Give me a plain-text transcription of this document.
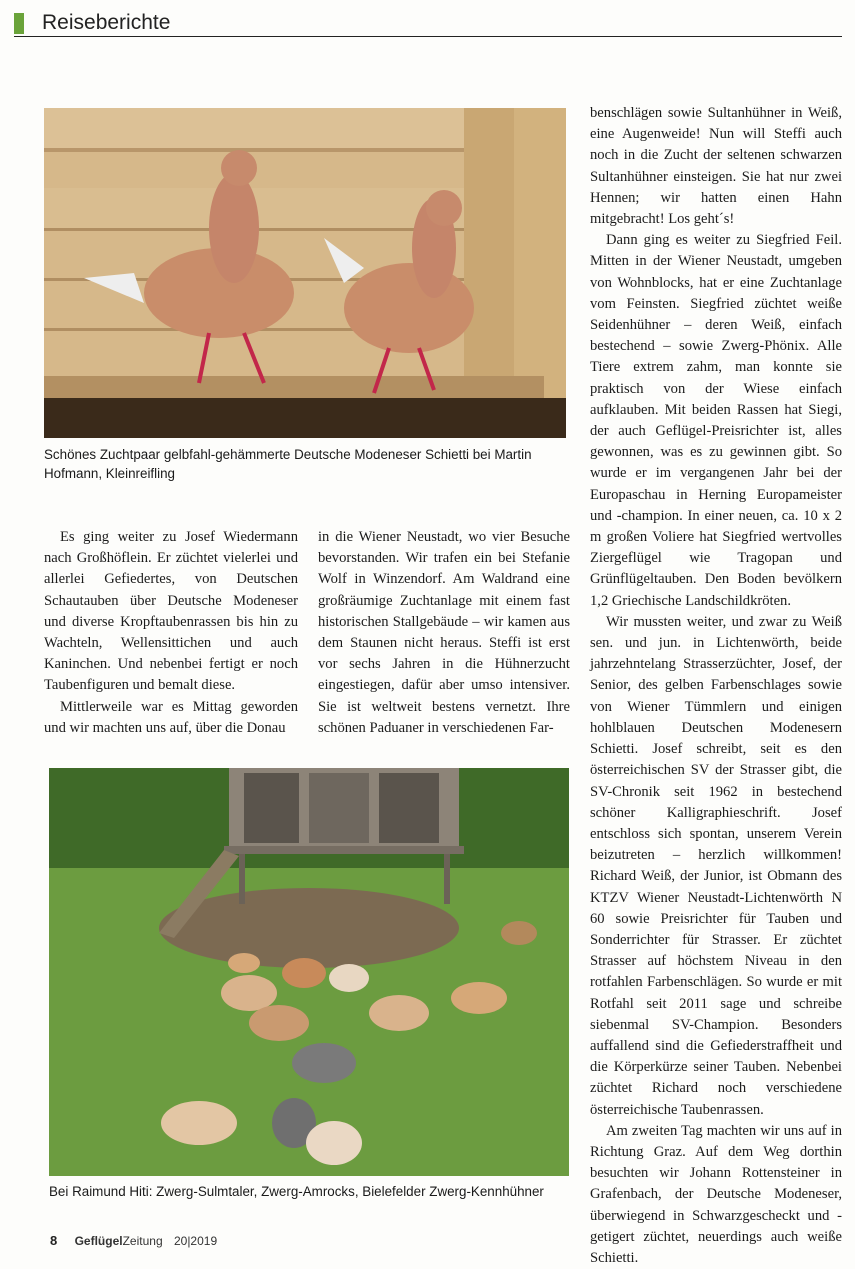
Reiseberichte
Schönes Zuchtpaar gelbfahl-gehämmerte Deutsche Modeneser Schietti bei Martin Hofmann, Kleinreifling

Es ging weiter zu Josef Wiedermann nach Großhöflein. Er züchtet vielerlei und allerlei Gefiedertes, von Deutschen Schautauben über Deutsche Modeneser und diverse Kropftaubenrassen bis hin zu Wachteln, Wellensittichen und auch Kaninchen. Und nebenbei fertigt er noch Taubenfiguren und bemalt diese.

Mittlerweile war es Mittag geworden und wir machten uns auf, über die Donau

in die Wiener Neustadt, wo vier Besuche bevorstanden. Wir trafen ein bei Stefanie Wolf in Winzendorf. Am Waldrand eine großräumige Zuchtanlage mit einem fast historischen Stallgebäude – wir kamen aus dem Staunen nicht heraus. Steffi ist erst vor sechs Jahren in die Hühnerzucht eingestiegen, dafür aber umso intensiver. Sie ist weltweit bestens vernetzt. Ihre schönen Paduaner in verschiedenen Far-

Bei Raimund Hiti: Zwerg-Sulmtaler, Zwerg-Amrocks, Bielefelder Zwerg-Kennhühner

benschlägen sowie Sultanhühner in Weiß, eine Augenweide! Nun will Steffi auch noch in die Zucht der seltenen schwarzen Sultanhühner einsteigen. Sie hat nur zwei Hennen; wir hatten einen Hahn mitgebracht! Los geht´s!

Dann ging es weiter zu Siegfried Feil. Mitten in der Wiener Neustadt, umgeben von Wohnblocks, hat er eine Zuchtanlage vom Feinsten. Siegfried züchtet weiße Seidenhühner – deren Weiß, einfach bestechend – sowie Zwerg-Phönix. Alle Tiere extrem zahm, man konnte sie praktisch von der Wiese einfach aufklauben. Mit beiden Rassen hat Siegi, der auch Geflügel-Preisrichter ist, alles gewonnen, was es zu gewinnen gibt. So wurde er im vergangenen Jahr bei der Europaschau in Herning Europameister und -champion. In einer neuen, ca. 10 x 2 m großen Voliere hat Siegfried wertvolles Ziergeflügel wie Tragopan und Grünflügeltauben. Den Boden bevölkern 1,2 Griechische Landschildkröten.

Wir mussten weiter, und zwar zu Weiß sen. und jun. in Lichtenwörth, beide jahrzehntelang Strasserzüchter, Josef, der Senior, des gelben Farbenschlages sowie von Wiener Tümmlern und einigen hohlblauen Deutschen Modenesern Schietti. Josef schreibt, seit es den österreichischen SV der Strasser gibt, die SV-Chronik seit 1962 in bestechend schöner Kalligraphieschrift. Josef entschloss sich spontan, unserem Verein beizutreten – herzlich willkommen! Richard Weiß, der Junior, ist Obmann des KTZV Wiener Neustadt-Lichtenwörth N 60 sowie Preisrichter für Tauben und Sonderrichter für Strasser. Er züchtet Strasser auf höchstem Niveau in den rotfahlen Farbenschlägen. So wurde er mit Rotfahl seit 2011 sage und schreibe siebenmal SV-Champion. Besonders auffallend sind die Gefiederstraffheit und die Körperkürze seiner Tauben. Nebenbei züchtet Richard noch verschiedene österreichische Taubenrassen.

Am zweiten Tag machten wir uns auf in Richtung Graz. Auf dem Weg dorthin besuchten wir Johann Rottensteiner in Grafenbach, der Deutsche Modeneser, überwiegend in Schwarzgescheckt und -getigert züchtet, neuerdings auch weiße Schietti.

8 GeflügelZeitung 20|2019
